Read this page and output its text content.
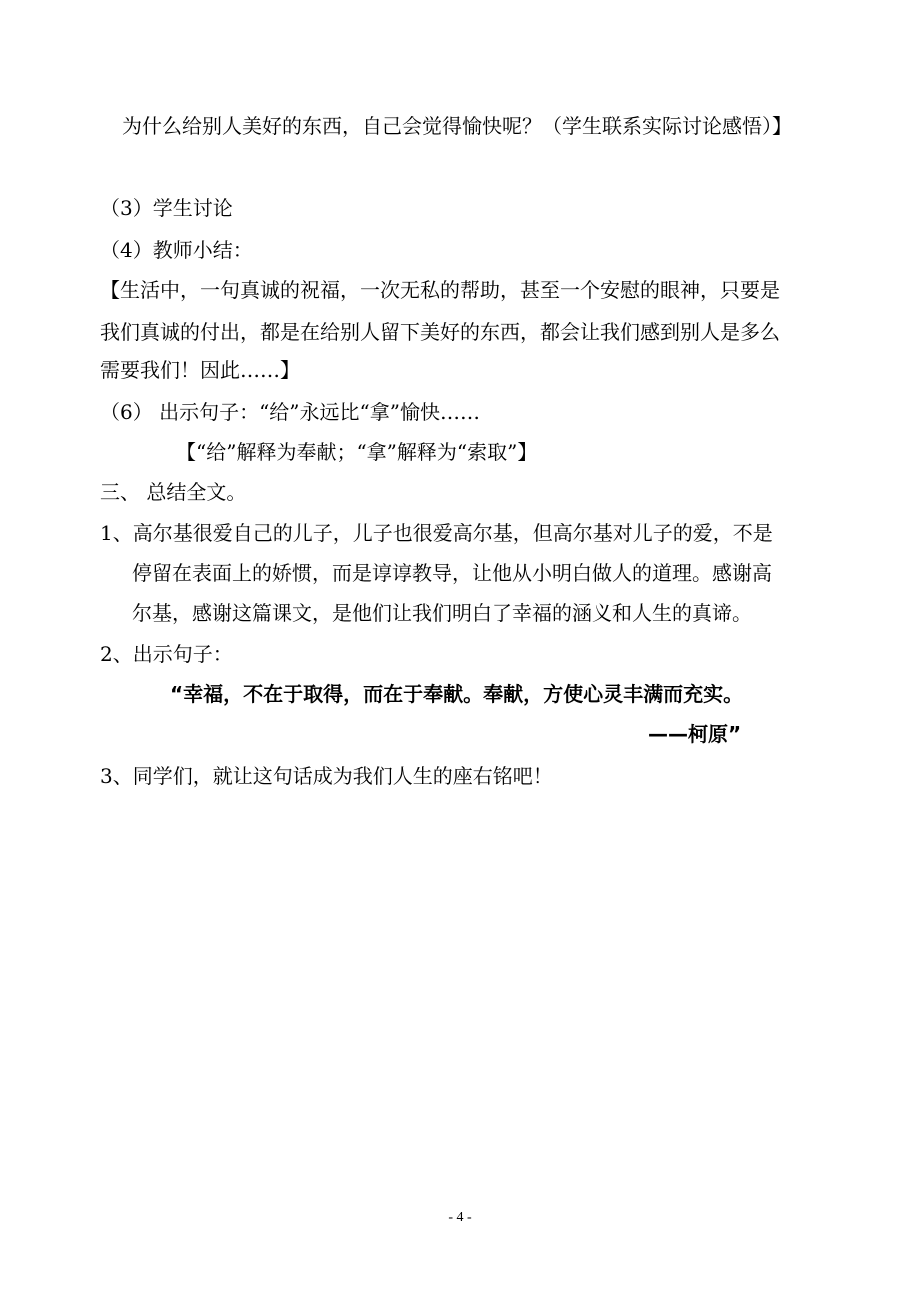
为什么给别人美好的东西，自己会觉得愉快呢？（学生联系实际讨论感悟）】
（3）学生讨论
（4）教师小结：
【生活中，一句真诚的祝福，一次无私的帮助，甚至一个安慰的眼神，只要是
我们真诚的付出，都是在给别人留下美好的东西，都会让我们感到别人是多么
需要我们！因此……】
（6） 出示句子：“给”永远比“拿”愉快……
【“给”解释为奉献；“拿”解释为“索取”】
三、 总结全文。
1、高尔基很爱自己的儿子，儿子也很爱高尔基，但高尔基对儿子的爱，不是
停留在表面上的娇惯，而是谆谆教导，让他从小明白做人的道理。感谢高
尔基，感谢这篇课文，是他们让我们明白了幸福的涵义和人生的真谛。
2、出示句子：
“幸福，不在于取得，而在于奉献。奉献，方使心灵丰满而充实。
——柯原”
3、同学们，就让这句话成为我们人生的座右铭吧！
- 4 -
